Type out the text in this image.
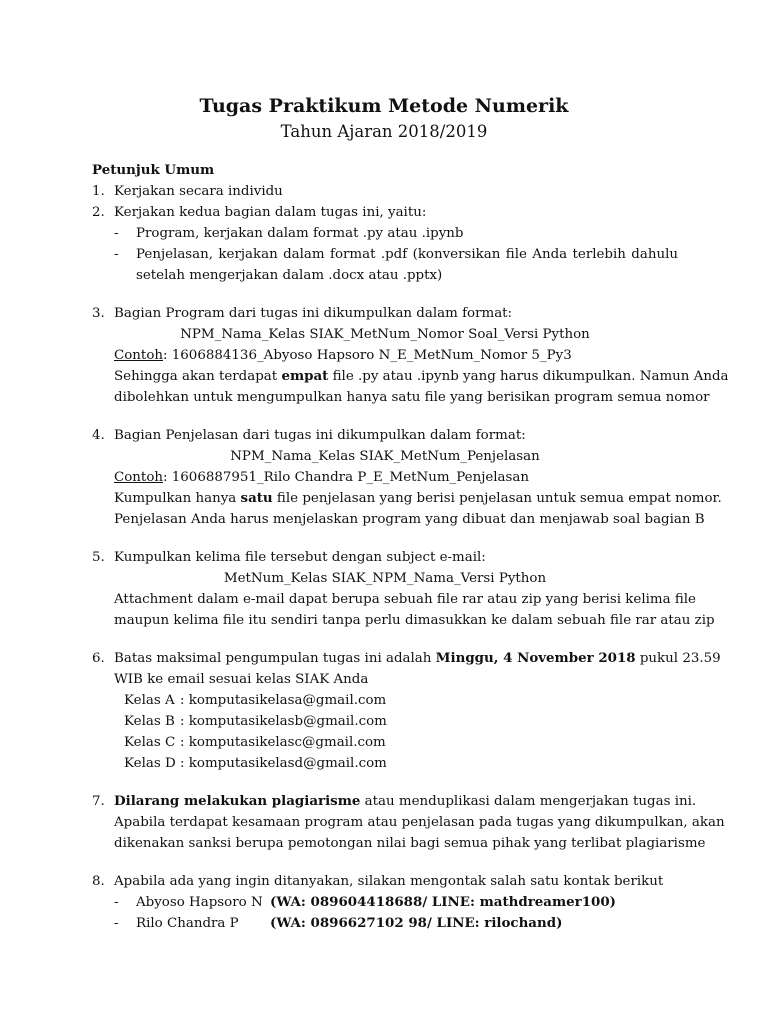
Tugas Praktikum Metode Numerik
Tahun Ajaran 2018/2019
Petunjuk Umum
1. Kerjakan secara individu
2. Kerjakan kedua bagian dalam tugas ini, yaitu:
- Program, kerjakan dalam format .py atau .ipynb
- Penjelasan, kerjakan dalam format .pdf (konversikan file Anda terlebih dahulu setelah mengerjakan dalam .docx atau .pptx)
3. Bagian Program dari tugas ini dikumpulkan dalam format:
NPM_Nama_Kelas SIAK_MetNum_Nomor Soal_Versi Python
Contoh: 1606884136_Abyoso Hapsoro N_E_MetNum_Nomor 5_Py3
Sehingga akan terdapat empat file .py atau .ipynb yang harus dikumpulkan. Namun Anda
dibolehkan untuk mengumpulkan hanya satu file yang berisikan program semua nomor
4. Bagian Penjelasan dari tugas ini dikumpulkan dalam format:
NPM_Nama_Kelas SIAK_MetNum_Penjelasan
Contoh: 1606887951_Rilo Chandra P_E_MetNum_Penjelasan
Kumpulkan hanya satu file penjelasan yang berisi penjelasan untuk semua empat nomor.
Penjelasan Anda harus menjelaskan program yang dibuat dan menjawab soal bagian B
5. Kumpulkan kelima file tersebut dengan subject e-mail:
MetNum_Kelas SIAK_NPM_Nama_Versi Python
Attachment dalam e-mail dapat berupa sebuah file rar atau zip yang berisi kelima file
maupun kelima file itu sendiri tanpa perlu dimasukkan ke dalam sebuah file rar atau zip
6. Batas maksimal pengumpulan tugas ini adalah Minggu, 4 November 2018 pukul 23.59
WIB ke email sesuai kelas SIAK Anda
Kelas A : komputasikelasa@gmail.com
Kelas B : komputasikelasb@gmail.com
Kelas C : komputasikelasc@gmail.com
Kelas D : komputasikelasd@gmail.com
7. Dilarang melakukan plagiarisme atau menduplikasi dalam mengerjakan tugas ini.
Apabila terdapat kesamaan program atau penjelasan pada tugas yang dikumpulkan, akan
dikenakan sanksi berupa pemotongan nilai bagi semua pihak yang terlibat plagiarisme
8. Apabila ada yang ingin ditanyakan, silakan mengontak salah satu kontak berikut
- Abyoso Hapsoro N (WA: 089604418688/ LINE: mathdreamer100)
- Rilo Chandra P (WA: 0896627102 98/ LINE: rilochand)
